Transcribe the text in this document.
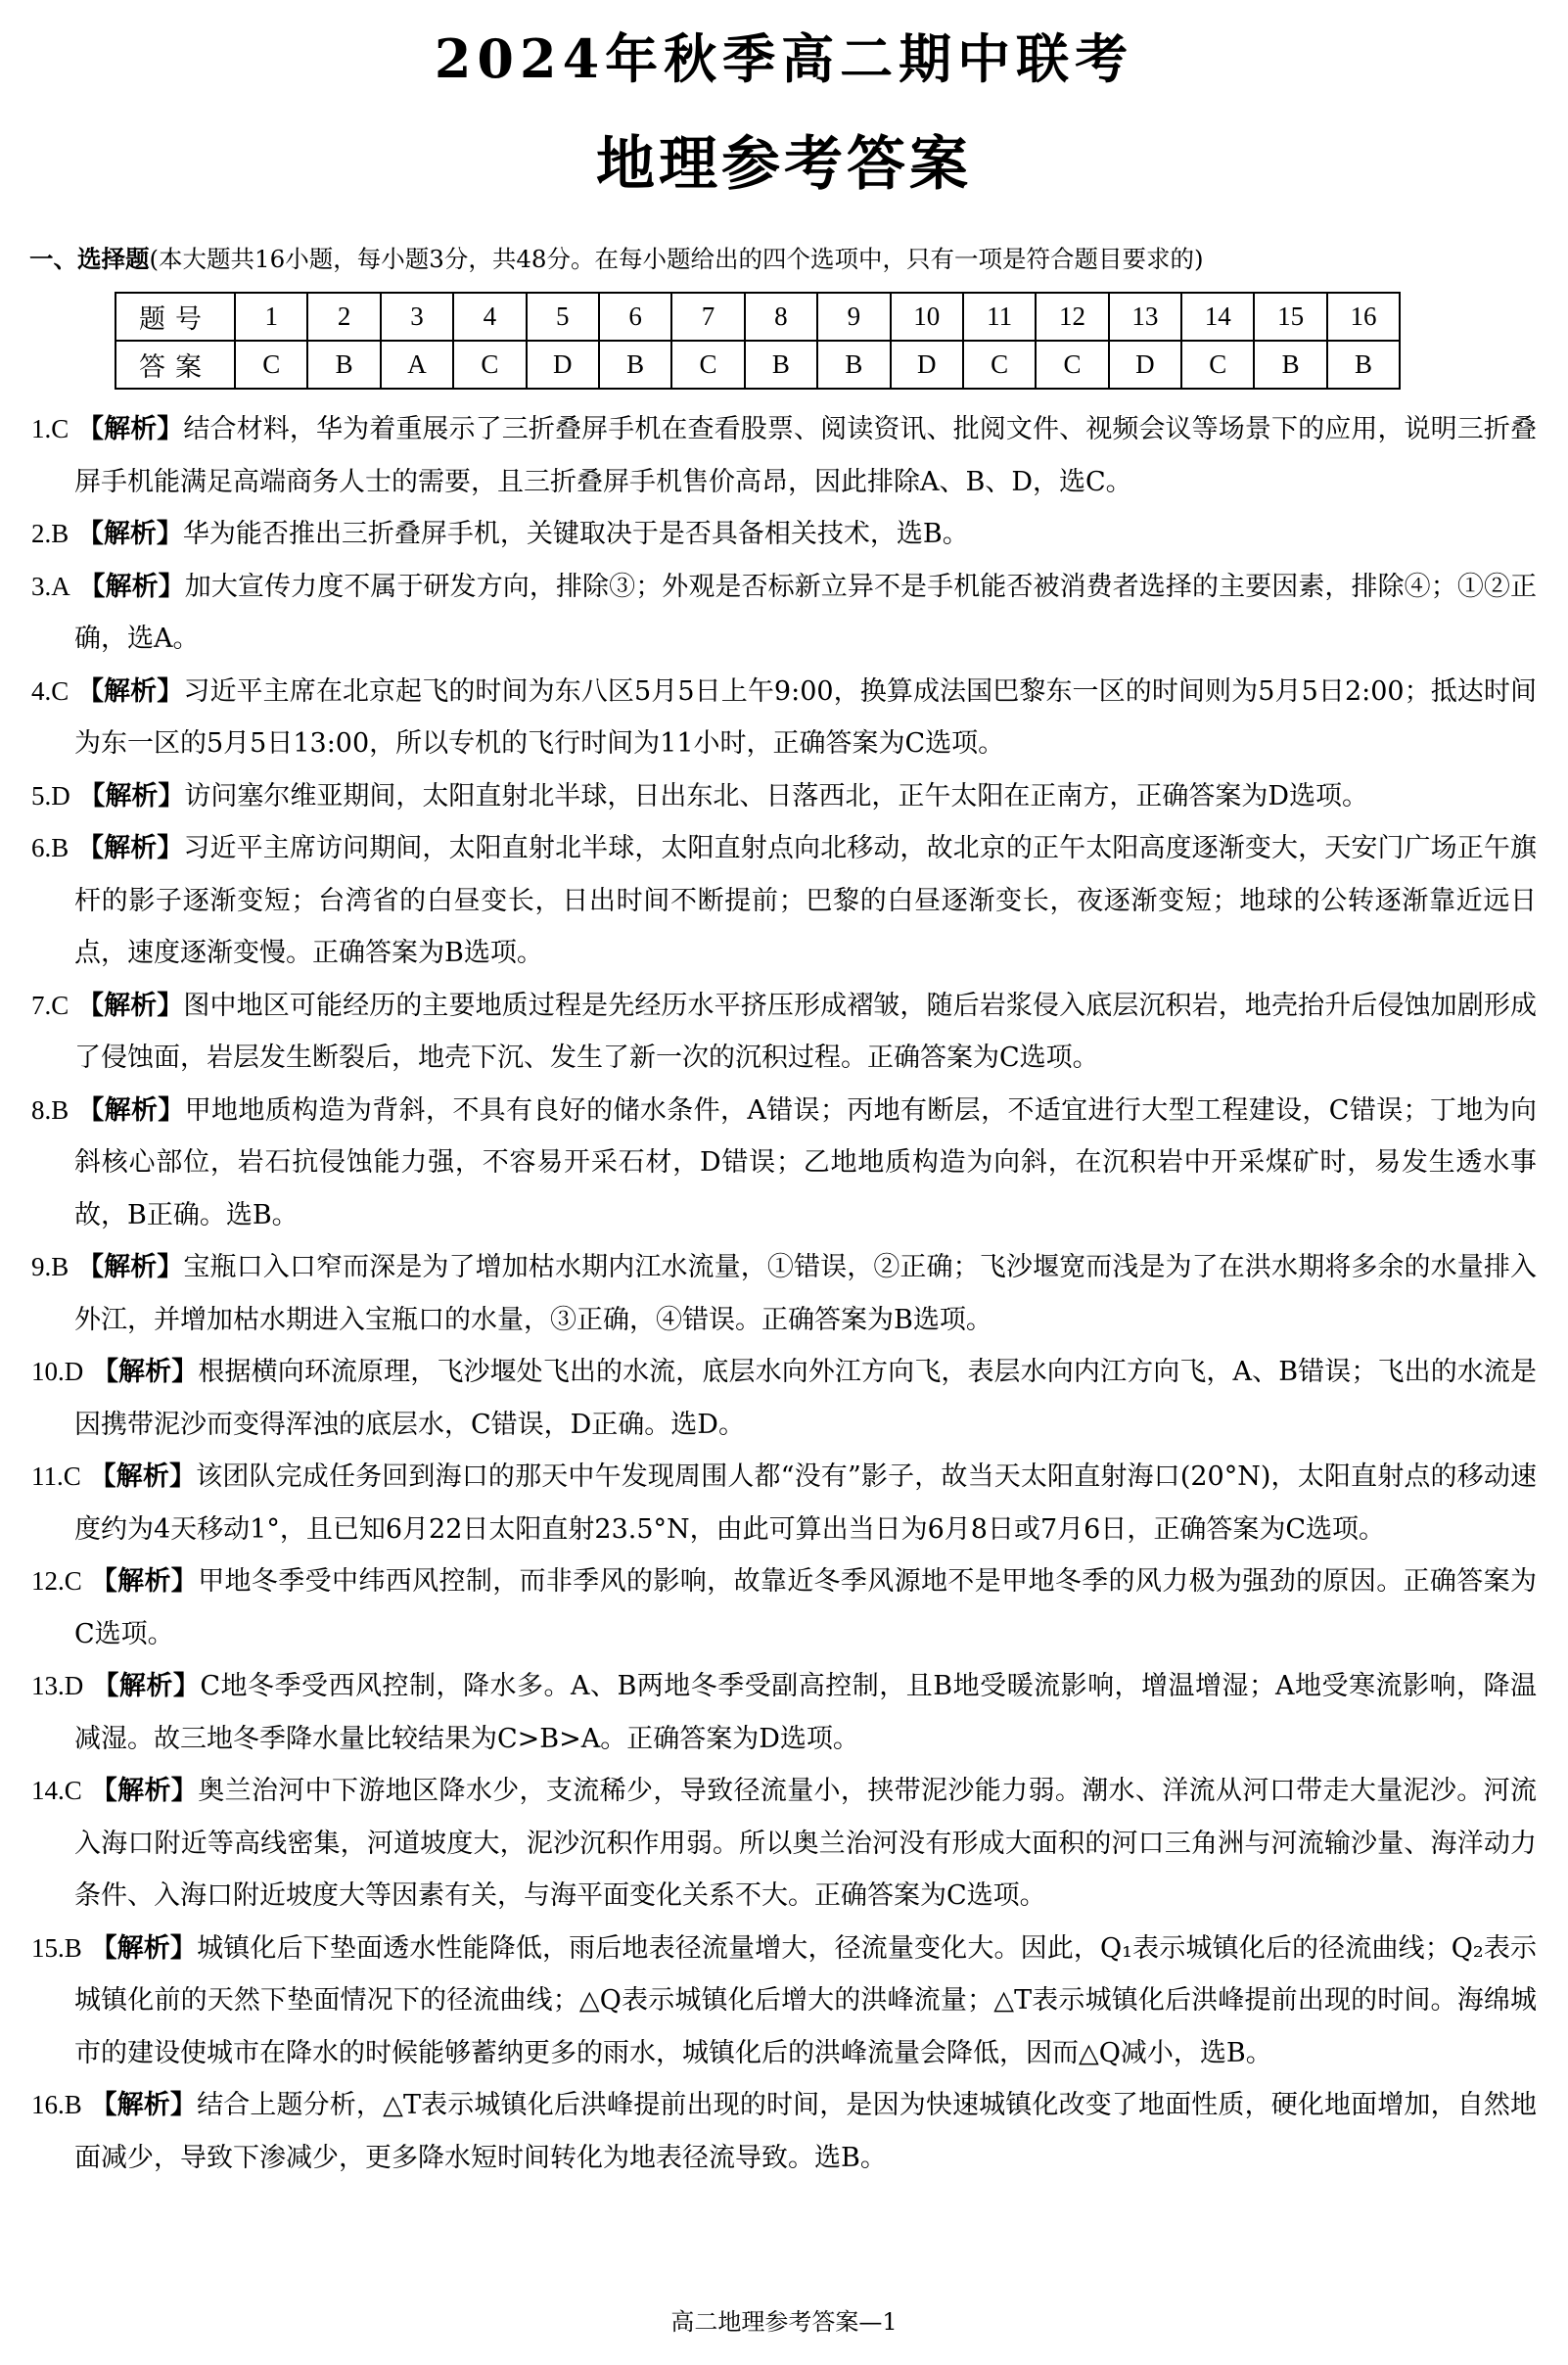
2024年秋季高二期中联考
地理参考答案
一、选择题(本大题共16小题，每小题3分，共48分。在每小题给出的四个选项中，只有一项是符合题目要求的)
题号	1	2	3	4	5	6	7	8	9	10	11	12	13	14	15	16
答案	C	B	A	C	D	B	C	B	B	D	C	C	D	C	B	B
1.C 【解析】结合材料，华为着重展示了三折叠屏手机在查看股票、阅读资讯、批阅文件、视频会议等场景下的应用，说明三折叠屏手机能满足高端商务人士的需要，且三折叠屏手机售价高昂，因此排除A、B、D，选C。
2.B 【解析】华为能否推出三折叠屏手机，关键取决于是否具备相关技术，选B。
3.A 【解析】加大宣传力度不属于研发方向，排除③；外观是否标新立异不是手机能否被消费者选择的主要因素，排除④；①②正确，选A。
4.C 【解析】习近平主席在北京起飞的时间为东八区5月5日上午9:00，换算成法国巴黎东一区的时间则为5月5日2:00；抵达时间为东一区的5月5日13:00，所以专机的飞行时间为11小时，正确答案为C选项。
5.D 【解析】访问塞尔维亚期间，太阳直射北半球，日出东北、日落西北，正午太阳在正南方，正确答案为D选项。
6.B 【解析】习近平主席访问期间，太阳直射北半球，太阳直射点向北移动，故北京的正午太阳高度逐渐变大，天安门广场正午旗杆的影子逐渐变短；台湾省的白昼变长，日出时间不断提前；巴黎的白昼逐渐变长，夜逐渐变短；地球的公转逐渐靠近远日点，速度逐渐变慢。正确答案为B选项。
7.C 【解析】图中地区可能经历的主要地质过程是先经历水平挤压形成褶皱，随后岩浆侵入底层沉积岩，地壳抬升后侵蚀加剧形成了侵蚀面，岩层发生断裂后，地壳下沉、发生了新一次的沉积过程。正确答案为C选项。
8.B 【解析】甲地地质构造为背斜，不具有良好的储水条件，A错误；丙地有断层，不适宜进行大型工程建设，C错误；丁地为向斜核心部位，岩石抗侵蚀能力强，不容易开采石材，D错误；乙地地质构造为向斜，在沉积岩中开采煤矿时，易发生透水事故，B正确。选B。
9.B 【解析】宝瓶口入口窄而深是为了增加枯水期内江水流量，①错误，②正确；飞沙堰宽而浅是为了在洪水期将多余的水量排入外江，并增加枯水期进入宝瓶口的水量，③正确，④错误。正确答案为B选项。
10.D 【解析】根据横向环流原理，飞沙堰处飞出的水流，底层水向外江方向飞，表层水向内江方向飞，A、B错误；飞出的水流是因携带泥沙而变得浑浊的底层水，C错误，D正确。选D。
11.C 【解析】该团队完成任务回到海口的那天中午发现周围人都“没有”影子，故当天太阳直射海口(20°N)，太阳直射点的移动速度约为4天移动1°，且已知6月22日太阳直射23.5°N，由此可算出当日为6月8日或7月6日，正确答案为C选项。
12.C 【解析】甲地冬季受中纬西风控制，而非季风的影响，故靠近冬季风源地不是甲地冬季的风力极为强劲的原因。正确答案为C选项。
13.D 【解析】C地冬季受西风控制，降水多。A、B两地冬季受副高控制，且B地受暖流影响，增温增湿；A地受寒流影响，降温减湿。故三地冬季降水量比较结果为C>B>A。正确答案为D选项。
14.C 【解析】奥兰治河中下游地区降水少，支流稀少，导致径流量小，挟带泥沙能力弱。潮水、洋流从河口带走大量泥沙。河流入海口附近等高线密集，河道坡度大，泥沙沉积作用弱。所以奥兰治河没有形成大面积的河口三角洲与河流输沙量、海洋动力条件、入海口附近坡度大等因素有关，与海平面变化关系不大。正确答案为C选项。
15.B 【解析】城镇化后下垫面透水性能降低，雨后地表径流量增大，径流量变化大。因此，Q₁表示城镇化后的径流曲线；Q₂表示城镇化前的天然下垫面情况下的径流曲线；△Q表示城镇化后增大的洪峰流量；△T表示城镇化后洪峰提前出现的时间。海绵城市的建设使城市在降水的时候能够蓄纳更多的雨水，城镇化后的洪峰流量会降低，因而△Q减小，选B。
16.B 【解析】结合上题分析，△T表示城镇化后洪峰提前出现的时间，是因为快速城镇化改变了地面性质，硬化地面增加，自然地面减少，导致下渗减少，更多降水短时间转化为地表径流导致。选B。
高二地理参考答案—1
